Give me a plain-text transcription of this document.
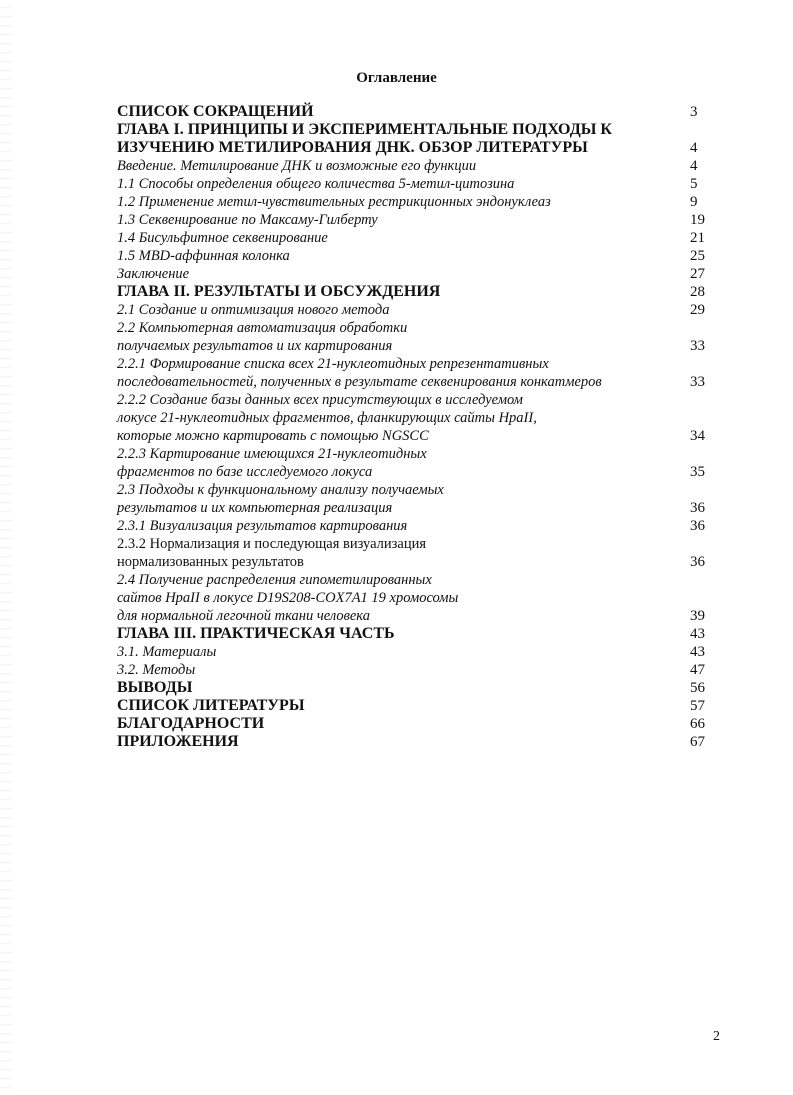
Оглавление
СПИСОК СОКРАЩЕНИЙ	3
ГЛАВА I. ПРИНЦИПЫ И ЭКСПЕРИМЕНТАЛЬНЫЕ ПОДХОДЫ К
ИЗУЧЕНИЮ МЕТИЛИРОВАНИЯ ДНК. ОБЗОР ЛИТЕРАТУРЫ	4
Введение. Метилирование ДНК и возможные его функции	4
1.1 Способы определения общего количества 5-метил-цитозина	5
1.2 Применение метил-чувствительных рестрикционных эндонуклеаз	9
1.3 Секвенирование по Максаму-Гилберту	19
1.4 Бисульфитное секвенирование	21
1.5 MBD-аффинная колонка	25
Заключение	27
ГЛАВА II. РЕЗУЛЬТАТЫ И ОБСУЖДЕНИЯ	28
2.1 Создание и оптимизация нового метода	29
2.2 Компьютерная автоматизация обработки
получаемых результатов и их картирования	33
2.2.1 Формирование списка всех 21-нуклеотидных репрезентативных
последовательностей, полученных в результате секвенирования конкатмеров	33
2.2.2 Создание базы данных всех присутствующих в исследуемом
локусе 21-нуклеотидных фрагментов, фланкирующих сайты HpaII,
которые можно картировать с помощью NGSCC	34
2.2.3 Картирование имеющихся 21-нуклеотидных
фрагментов по базе исследуемого локуса	35
2.3 Подходы к функциональному анализу получаемых
результатов и их компьютерная реализация	36
2.3.1 Визуализация результатов картирования	36
2.3.2 Нормализация и последующая визуализация
нормализованных результатов	36
2.4 Получение распределения гипометилированных
сайтов HpaII в локусе D19S208-COX7A1 19 хромосомы
для нормальной легочной ткани человека	39
ГЛАВА III. ПРАКТИЧЕСКАЯ ЧАСТЬ	43
3.1. Материалы	43
3.2. Методы	47
ВЫВОДЫ	56
СПИСОК ЛИТЕРАТУРЫ	57
БЛАГОДАРНОСТИ	66
ПРИЛОЖЕНИЯ	67
2
